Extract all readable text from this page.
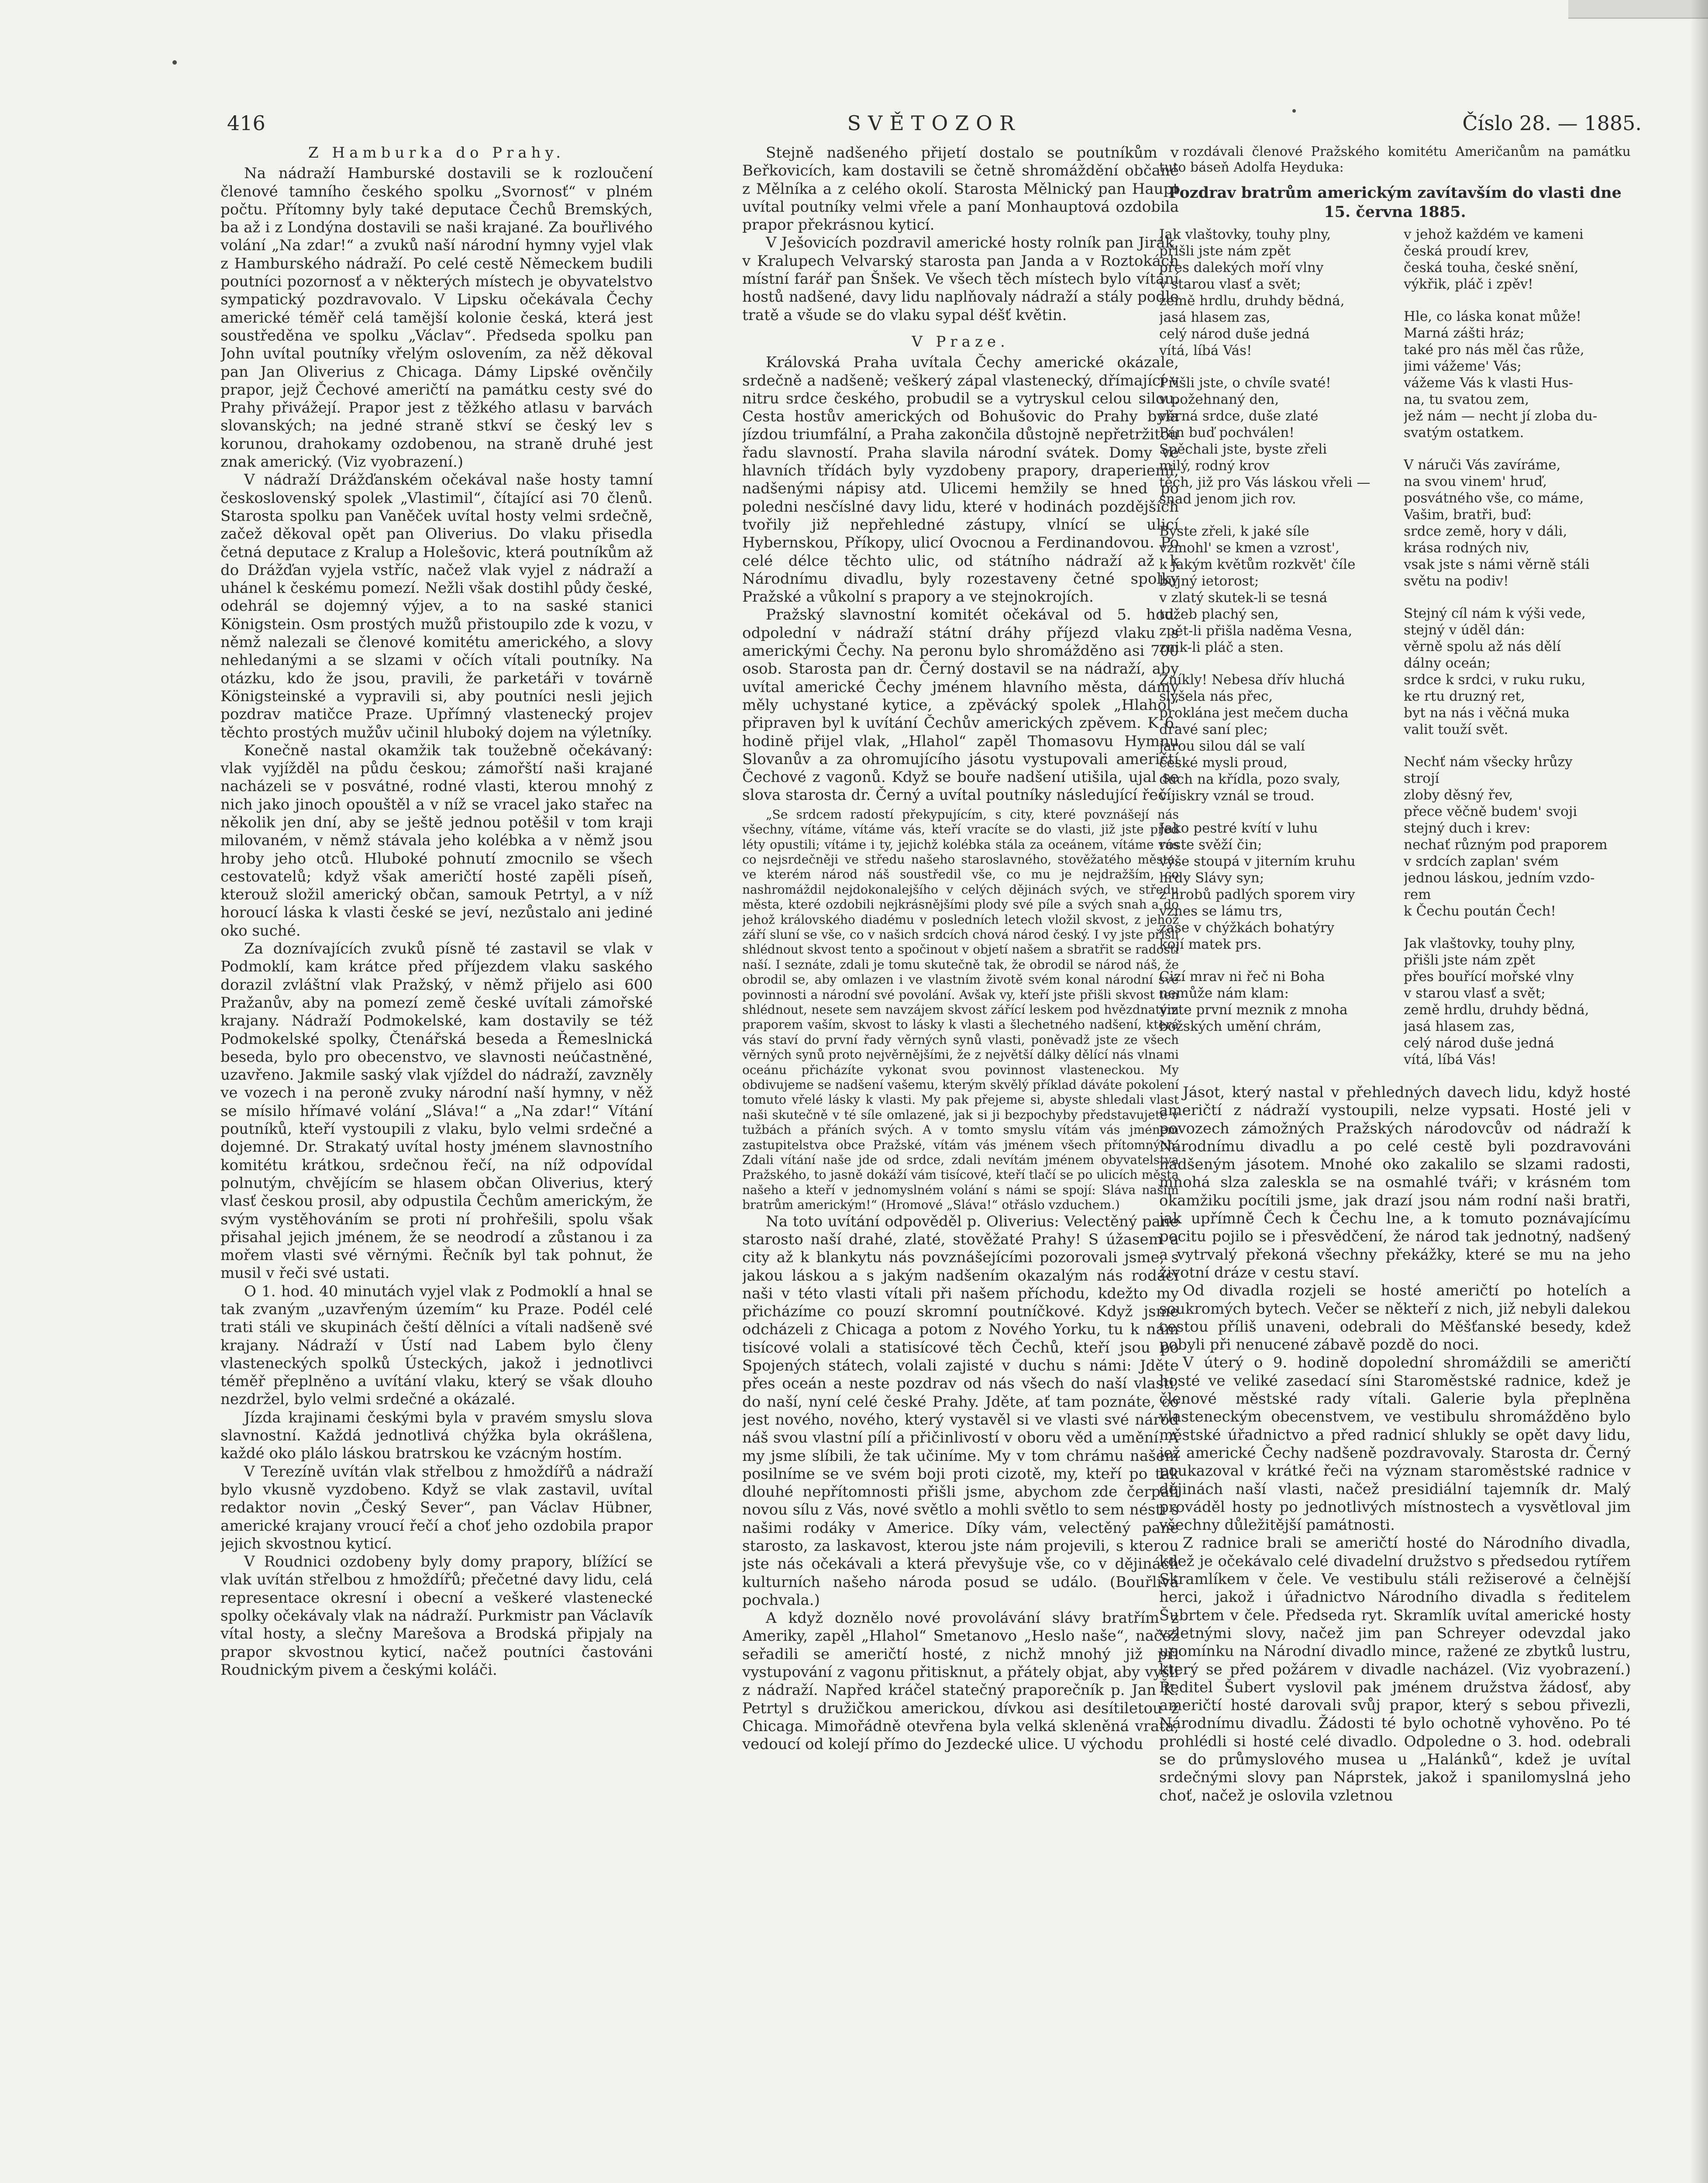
416	SVĚTOZOR	Číslo 28. — 1885.
Z Hamburka do Prahy.

Na nádraží Hamburské dostavili se k rozloučení členové tamního českého spolku „Svornosť“ v plném počtu. Přítomny byly také deputace Čechů Bremských, ba až i z Londýna dostavili se naši krajané. Za bouřlivého volání „Na zdar!“ a zvuků naší národní hymny vyjel vlak z Hamburského nádraží. Po celé cestě Německem budili poutníci pozornosť a v některých místech je obyvatelstvo sympatický pozdravovalo. V Lipsku očekávala Čechy americké téměř celá tamější kolonie česká, která jest soustředěna ve spolku „Václav“. Předseda spolku pan John uvítal poutníky vřelým oslovením, za něž děkoval pan Jan Oliverius z Chicaga. Dámy Lipské ověnčily prapor, jejž Čechové američtí na památku cesty své do Prahy přivážejí. Prapor jest z těžkého atlasu v barvách slovanských; na jedné straně stkví se český lev s korunou, drahokamy ozdobenou, na straně druhé jest znak americký. (Viz vyobrazení.)

V nádraží Drážďanském očekával naše hosty tamní československý spolek „Vlastimil“, čítající asi 70 členů. Starosta spolku pan Vaněček uvítal hosty velmi srdečně, začež děkoval opět pan Oliverius. Do vlaku přisedla četná deputace z Kralup a Holešovic, která poutníkům až do Drážďan vyjela vstříc, načež vlak vyjel z nádraží a uhánel k českému pomezí. Nežli však dostihl půdy české, odehrál se dojemný výjev, a to na saské stanici Königstein. Osm prostých mužů přistoupilo zde k vozu, v němž nalezali se členové komitétu amerického, a slovy nehledanými a se slzami v očích vítali poutníky. Na otázku, kdo že jsou, pravili, že parketáři v továrně Königsteinské a vypravili si, aby poutníci nesli jejich pozdrav matičce Praze. Upřímný vlastenecký projev těchto prostých mužův učinil hluboký dojem na výletníky.

Konečně nastal okamžik tak toužebně očekávaný: vlak vyjížděl na půdu českou; zámořští naši krajané nacházeli se v posvátné, rodné vlasti, kterou mnohý z nich jako jinoch opouštěl a v níž se vracel jako stařec na několik jen dní, aby se ještě jednou potěšil v tom kraji milovaném, v němž stávala jeho kolébka a v němž jsou hroby jeho otců. Hluboké pohnutí zmocnilo se všech cestovatelů; když však američtí hosté zapěli píseň, kterouž složil americký občan, samouk Petrtyl, a v níž horoucí láska k vlasti české se jeví, nezůstalo ani jediné oko suché.

Za doznívajících zvuků písně té zastavil se vlak v Podmoklí, kam krátce před příjezdem vlaku saského dorazil zvláštní vlak Pražský, v němž přijelo asi 600 Pražanův, aby na pomezí země české uvítali zámořské krajany. Nádraží Podmokelské, kam dostavily se též Podmokelské spolky, Čtenářská beseda a Řemeslnická beseda, bylo pro obecenstvo, ve slavnosti neúčastněné, uzavřeno. Jakmile saský vlak vjíždel do nádraží, zavzněly ve vozech i na peroně zvuky národní naší hymny, v něž se mísilo hřímavé volání „Sláva!“ a „Na zdar!“ Vítání poutníků, kteří vystoupili z vlaku, bylo velmi srdečné a dojemné. Dr. Strakatý uvítal hosty jménem slavnostního komitétu krátkou, srdečnou řečí, na níž odpovídal polnutým, chvějícím se hlasem občan Oliverius, který vlasť českou prosil, aby odpustila Čechům americkým, že svým vystěhováním se proti ní prohřešili, spolu však přisahal jejich jménem, že se neodrodí a zůstanou i za mořem vlasti své věrnými. Řečník byl tak pohnut, že musil v řeči své ustati.

O 1. hod. 40 minutách vyjel vlak z Podmoklí a hnal se tak zvaným „uzavřeným územím“ ku Praze. Podél celé trati stáli ve skupinách čeští dělníci a vítali nadšeně své krajany. Nádraží v Ústí nad Labem bylo členy vlasteneckých spolků Ústeckých, jakož i jednotlivci téměř přeplněno a uvítání vlaku, který se však dlouho nezdržel, bylo velmi srdečné a okázalé.

Jízda krajinami českými byla v pravém smyslu slova slavnostní. Každá jednotlivá chýžka byla okrášlena, každé oko plálo láskou bratrskou ke vzácným hostím.

V Terezíně uvítán vlak střelbou z hmoždířů a nádraží bylo vkusně vyzdobeno. Když se vlak zastavil, uvítal redaktor novin „Český Sever“, pan Václav Hübner, americké krajany vroucí řečí a choť jeho ozdobila prapor jejich skvostnou kyticí.

V Roudnici ozdobeny byly domy prapory, blížící se vlak uvítán střelbou z hmoždířů; přečetné davy lidu, celá representace okresní i obecní a veškeré vlastenecké spolky očekávaly vlak na nádraží. Purkmistr pan Václavík vítal hosty, a slečny Marešova a Brodská připjaly na prapor skvostnou kyticí, načež poutníci častováni Roudnickým pivem a českými koláči.

Stejně nadšeného přijetí dostalo se poutníkům v Beřkovicích, kam dostavili se četně shromáždění občané z Mělníka a z celého okolí. Starosta Mělnický pan Haupt uvítal poutníky velmi vřele a paní Monhauptová ozdobila prapor překrásnou kyticí.

V Ješovicích pozdravil americké hosty rolník pan Jirák, v Kralupech Velvarský starosta pan Janda a v Roztokách místní farář pan Šnšek. Ve všech těch místech bylo vítání hostů nadšené, davy lidu naplňovaly nádraží a stály podle tratě a všude se do vlaku sypal déšť květin.

V Praze.

Královská Praha uvítala Čechy americké okázale, srdečně a nadšeně; veškerý zápal vlastenecký, dřímající v nitru srdce českého, probudil se a vytryskul celou silou. Cesta hostův amerických od Bohušovic do Prahy byla jízdou triumfální, a Praha zakončila důstojně nepřetržitou řadu slavností. Praha slavila národní svátek. Domy ve hlavních třídách byly vyzdobeny prapory, draperiemi, nadšenými nápisy atd. Ulicemi hemžily se hned po poledni nesčíslné davy lidu, které v hodinách pozdějších tvořily již nepřehledné zástupy, vlnící se ulicí Hybernskou, Příkopy, ulicí Ovocnou a Ferdinandovou. Po celé délce těchto ulic, od státního nádraží až k Národnímu divadlu, byly rozestaveny četné spolky Pražské a vůkolní s prapory a ve stejnokrojích.

Pražský slavnostní komitét očekával od 5. hod. odpolední v nádraží státní dráhy příjezd vlaku s americkými Čechy. Na peronu bylo shromážděno asi 700 osob. Starosta pan dr. Černý dostavil se na nádraží, aby uvítal americké Čechy jménem hlavního města, dámy měly uchystané kytice, a zpěvácký spolek „Hlahol“ připraven byl k uvítání Čechův amerických zpěvem. K 6. hodině přijel vlak, „Hlahol“ zapěl Thomasovu Hymnu Slovanův a za ohromujícího jásotu vystupovali američtí Čechové z vagonů. Když se bouře nadšení utišila, ujal se slova starosta dr. Černý a uvítal poutníky následující řečí:

„Se srdcem radostí překypujícím, s city, které povznášejí nás všechny, vítáme, vítáme vás, kteří vracíte se do vlasti, již jste před léty opustili; vítáme i ty, jejichž kolébka stála za oceánem, vítáme vás co nejsrdečněji ve středu našeho staroslavného, stověžatého města, ve kterém národ náš soustředil vše, co mu je nejdražším, co nashromáždil nejdokonalejšího v celých dějinách svých, ve středu města, které ozdobili nejkrásnějšími plody své píle a svých snah a do jehož královského diadému v posledních letech vložil skvost, z jehož září sluní se vše, co v našich srdcích chová národ český. I vy jste přišli shlédnout skvost tento a spočinout v objetí našem a sbratřit se radostí naší. I seznáte, zdali je tomu skutečně tak, že obrodil se národ náš, že obrodil se, aby omlazen i ve vlastním životě svém konal národní své povinnosti a národní své povolání. Avšak vy, kteří jste přišli skvost ten shlédnout, nesete sem navzájem skvost zářící leskem pod hvězdnatým praporem vaším, skvost to lásky k vlasti a šlechetného nadšení, která vás staví do první řady věrných synů vlasti, poněvadž jste ze všech věrných synů proto nejvěrnějšími, že z největší dálky dělící nás vlnami oceánu přicházíte vykonat svou povinnost vlasteneckou. My obdivujeme se nadšení vašemu, kterým skvělý příklad dáváte pokolení tomuto vřelé lásky k vlasti. My pak přejeme si, abyste shledali vlast naši skutečně v té síle omlazené, jak si ji bezpochyby představujete v tužbách a přáních svých. A v tomto smyslu vítám vás jménem zastupitelstva obce Pražské, vítám vás jménem všech přítomných. Zdali vítání naše jde od srdce, zdali nevítám jménem obyvatelstva Pražského, to jasně dokáží vám tisícové, kteří tlačí se po ulicích města našeho a kteří v jednomyslném volání s námi se spojí: Sláva našim bratrům americkým!“ (Hromové „Sláva!“ otřáslo vzduchem.)

Na toto uvítání odpověděl p. Oliverius: Velectěný pane starosto naší drahé, zlaté, stověžaté Prahy! S úžasem a city až k blankytu nás povznášejícími pozorovali jsme, s jakou láskou a s jakým nadšením okazalým nás rodáci naši v této vlasti vítali při našem příchodu, kdežto my přicházíme co pouzí skromní poutníčkové. Když jsme odcházeli z Chicaga a potom z Nového Yorku, tu k nám tisícové volali a statisícové těch Čechů, kteří jsou po Spojených státech, volali zajisté v duchu s námi: Jděte přes oceán a neste pozdrav od nás všech do naší vlasti, do naší, nyní celé české Prahy. Jděte, ať tam poznáte, co jest nového, nového, který vystavěl si ve vlasti své národ náš svou vlastní pílí a přičinlivostí v oboru věd a umění. A my jsme slíbili, že tak učiníme. My v tom chrámu našem posilníme se ve svém boji proti cizotě, my, kteří po tak dlouhé nepřítomnosti přišli jsme, abychom zde čerpali novou sílu z Vás, nové světlo a mohli světlo to sem nésti s našimi rodáky v Americe. Díky vám, velectěný pane starosto, za laskavost, kterou jste nám projevili, s kterou jste nás očekávali a která převyšuje vše, co v dějinách kulturních našeho národa posud se událo. (Bouřlivá pochvala.)

A když doznělo nové provolávání slávy bratřím z Ameriky, zapěl „Hlahol“ Smetanovo „Heslo naše“, načež seřadili se američtí hosté, z nichž mnohý již při vystupování z vagonu přitisknut, a přátely objat, aby vyšli z nádraží. Napřed kráčel statečný praporečník p. Jan K. Petrtyl s družičkou americkou, dívkou asi desítiletou z Chicaga. Mimořádně otevřena byla velká skleněná vrata, vedoucí od kolejí přímo do Jezdecké ulice. U východu

rozdávali členové Pražského komitétu Američanům na památku tuto báseň Adolfa Heyduka:

Pozdrav bratrům americkým zavítavším do vlasti dne 15. června 1885.
Jak vlaštovky, touhy plny,
přišli jste nám zpět
přes dalekých moří vlny
v starou vlasť a svět;
země hrdlu, druhdy bědná,
jasá hlasem zas,
celý národ duše jedná
vítá, líbá Vás!
Přišli jste, o chvíle svaté!
v požehnaný den,
věrná srdce, duše zlaté
Pán buď pochválen!
Spěchali jste, byste zřeli
milý, rodný krov
těch, již pro Vás láskou vřeli —
snad jenom jich rov.
Byste zřeli, k jaké síle
vzmohl' se kmen a vzrost',
k jakým květům rozkvět' číle
bujný ietorost;
v zlatý skutek-li se tesná
tužeb plachý sen,
zpět-li přišla naděma Vesna,
znik-li pláč a sten.
Zníkly! Nebesa dřív hluchá
slyšela nás přec,
proklána jest mečem ducha
dravé saní plec;
jarou silou dál se valí
české mysli proud,
duch na křídla, pozo svaly,
v jiskry vznál se troud.
Jako pestré kvítí v luhu
roste svěží čin;
výše stoupá v jiterním kruhu
hrdy Slávy syn;
z hrobů padlých sporem viry
vznes se lámu trs,
zase v chýžkách bohatýry
kojí matek prs.
Cizí mrav ni řeč ni Boha
nemůže nám klam:
vizte první meznik z mnoha
božských umění chrám,
v jehož každém ve kameni
česká proudí krev,
česká touha, české snění,
výkřik, pláč i zpěv!
Hle, co láska konat může!
Marná zášti hráz;
také pro nás měl čas růže,
jimi vážeme' Vás;
vážeme Vás k vlasti Hus-
na, tu svatou zem,
jež nám — necht jí zloba du-
svatým ostatkem.
V náruči Vás zavíráme,
na svou vinem' hruď,
posvátného vše, co máme,
Vašim, bratři, buď:
srdce země, hory v dáli,
krása rodných niv,
vsak jste s námi věrně stáli
světu na podiv!
Stejný cíl nám k výši vede,
stejný v úděl dán:
věrně spolu až nás dělí
dálny oceán;
srdce k srdci, v ruku ruku,
ke rtu druzný ret,
byt na nás i věčná muka
valit touží svět.
Nechť nám všecky hrůzy
strojí
zloby děsný řev,
přece věčně budem' svoji
stejný duch i krev:
nechať různým pod praporem
v srdcích zaplan' svém
jednou láskou, jedním vzdo-
rem
k Čechu poután Čech!
Jak vlaštovky, touhy plny,
přišli jste nám zpět
přes bouřící mořské vlny
v starou vlasť a svět;
země hrdlu, druhdy bědná,
jasá hlasem zas,
celý národ duše jedná
vítá, líbá Vás!

Jásot, který nastal v přehledných davech lidu, když hosté američtí z nádraží vystoupili, nelze vypsati. Hosté jeli v povozech zámožných Pražských národovcův od nádraží k Národnímu divadlu a po celé cestě byli pozdravováni nadšeným jásotem. Mnohé oko zakalilo se slzami radosti, mnohá slza zaleskla se na osmahlé tváři; v krásném tom okamžiku pocítili jsme, jak drazí jsou nám rodní naši bratři, jak upřímně Čech k Čechu lne, a k tomuto poznávajícímu pocitu pojilo se i přesvědčení, že národ tak jednotný, nadšený a vytrvalý překoná všechny překážky, které se mu na jeho životní dráze v cestu staví.

Od divadla rozjeli se hosté američtí po hotelích a soukromých bytech. Večer se někteří z nich, již nebyli dalekou cestou příliš unaveni, odebrali do Měšťanské besedy, kdež pobyli při nenucené zábavě pozdě do noci.

V úterý o 9. hodině dopolední shromáždili se američtí hosté ve veliké zasedací síni Staroměstské radnice, kdež je členové městské rady vítali. Galerie byla přeplněna vlasteneckým obecenstvem, ve vestibulu shromážděno bylo městské úřadnictvo a před radnicí shlukly se opět davy lidu, jež americké Čechy nadšeně pozdravovaly. Starosta dr. Černý poukazoval v krátké řeči na význam staroměstské radnice v dějinách naší vlasti, načež presidiální tajemník dr. Malý prováděl hosty po jednotlivých místnostech a vysvětloval jim všechny důležitější památnosti.

Z radnice brali se američtí hosté do Národního divadla, kdež je očekávalo celé divadelní družstvo s předsedou rytířem Skramlíkem v čele. Ve vestibulu stáli režiserové a čelnější herci, jakož i úřadnictvo Národního divadla s ředitelem Šubrtem v čele. Předseda ryt. Skramlík uvítal americké hosty vzletnými slovy, načež jim pan Schreyer odevzdal jako upomínku na Národní divadlo mince, ražené ze zbytků lustru, který se před požárem v divadle nacházel. (Viz vyobrazení.) Ředitel Šubert vyslovil pak jménem družstva žádosť, aby američtí hosté darovali svůj prapor, který s sebou přivezli, Národnímu divadlu. Žádosti té bylo ochotně vyhověno. Po té prohlédli si hosté celé divadlo. Odpoledne o 3. hod. odebrali se do průmyslového musea u „Halánků“, kdež je uvítal srdečnými slovy pan Náprstek, jakož i spanilomyslná jeho choť, načež je oslovila vzletnou
